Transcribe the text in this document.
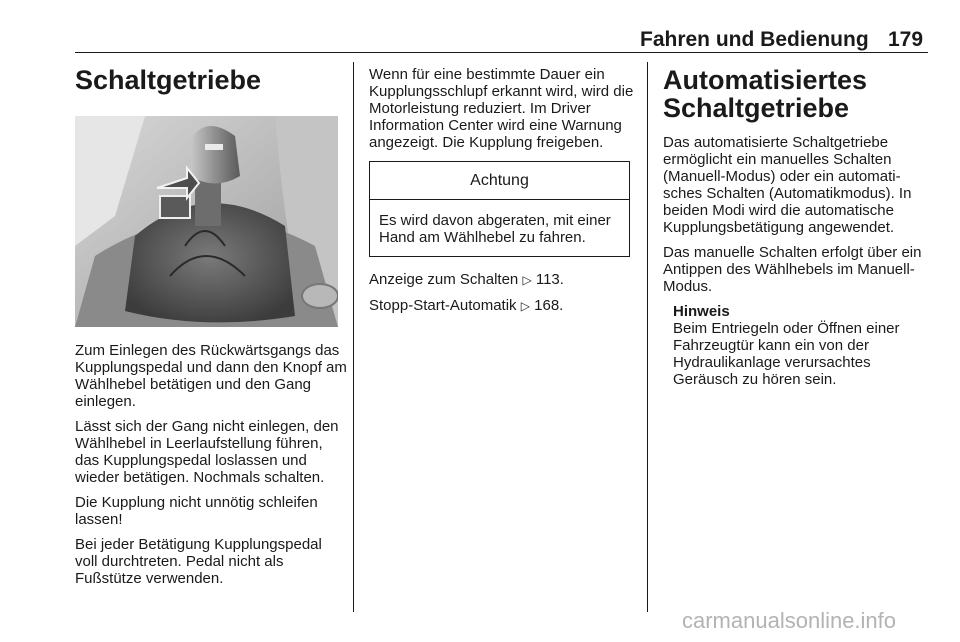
Fahren und Bedienung 179
Schaltgetriebe

Zum Einlegen des Rückwärtsgangs das Kupplungspedal und dann den Knopf am Wählhebel betätigen und den Gang einlegen.

Lässt sich der Gang nicht einlegen, den Wählhebel in Leerlaufstellung führen, das Kupplungspedal loslassen und wieder betätigen. Nochmals schalten.

Die Kupplung nicht unnötig schleifen lassen!

Bei jeder Betätigung Kupplungspedal voll durchtreten. Pedal nicht als Fußstütze verwenden.

Wenn für eine bestimmte Dauer ein Kupplungsschlupf erkannt wird, wird die Motorleistung reduziert. Im Driver Information Center wird eine Warnung angezeigt. Die Kupplung freigeben.

Achtung
Es wird davon abgeraten, mit einer Hand am Wählhebel zu fahren.

Anzeige zum Schalten ▷ 113.

Stopp-Start-Automatik ▷ 168.

Automatisiertes
Schaltgetriebe

Das automatisierte Schaltgetriebe ermöglicht ein manuelles Schalten (Manuell-Modus) oder ein automatisches Schalten (Automatikmodus). In beiden Modi wird die automatische Kupplungsbetätigung angewendet.

Das manuelle Schalten erfolgt über ein Antippen des Wählhebels im Manuell-Modus.

Hinweis
Beim Entriegeln oder Öffnen einer Fahrzeugtür kann ein von der Hydraulikanlage verursachtes Geräusch zu hören sein.
carmanualsonline.info
